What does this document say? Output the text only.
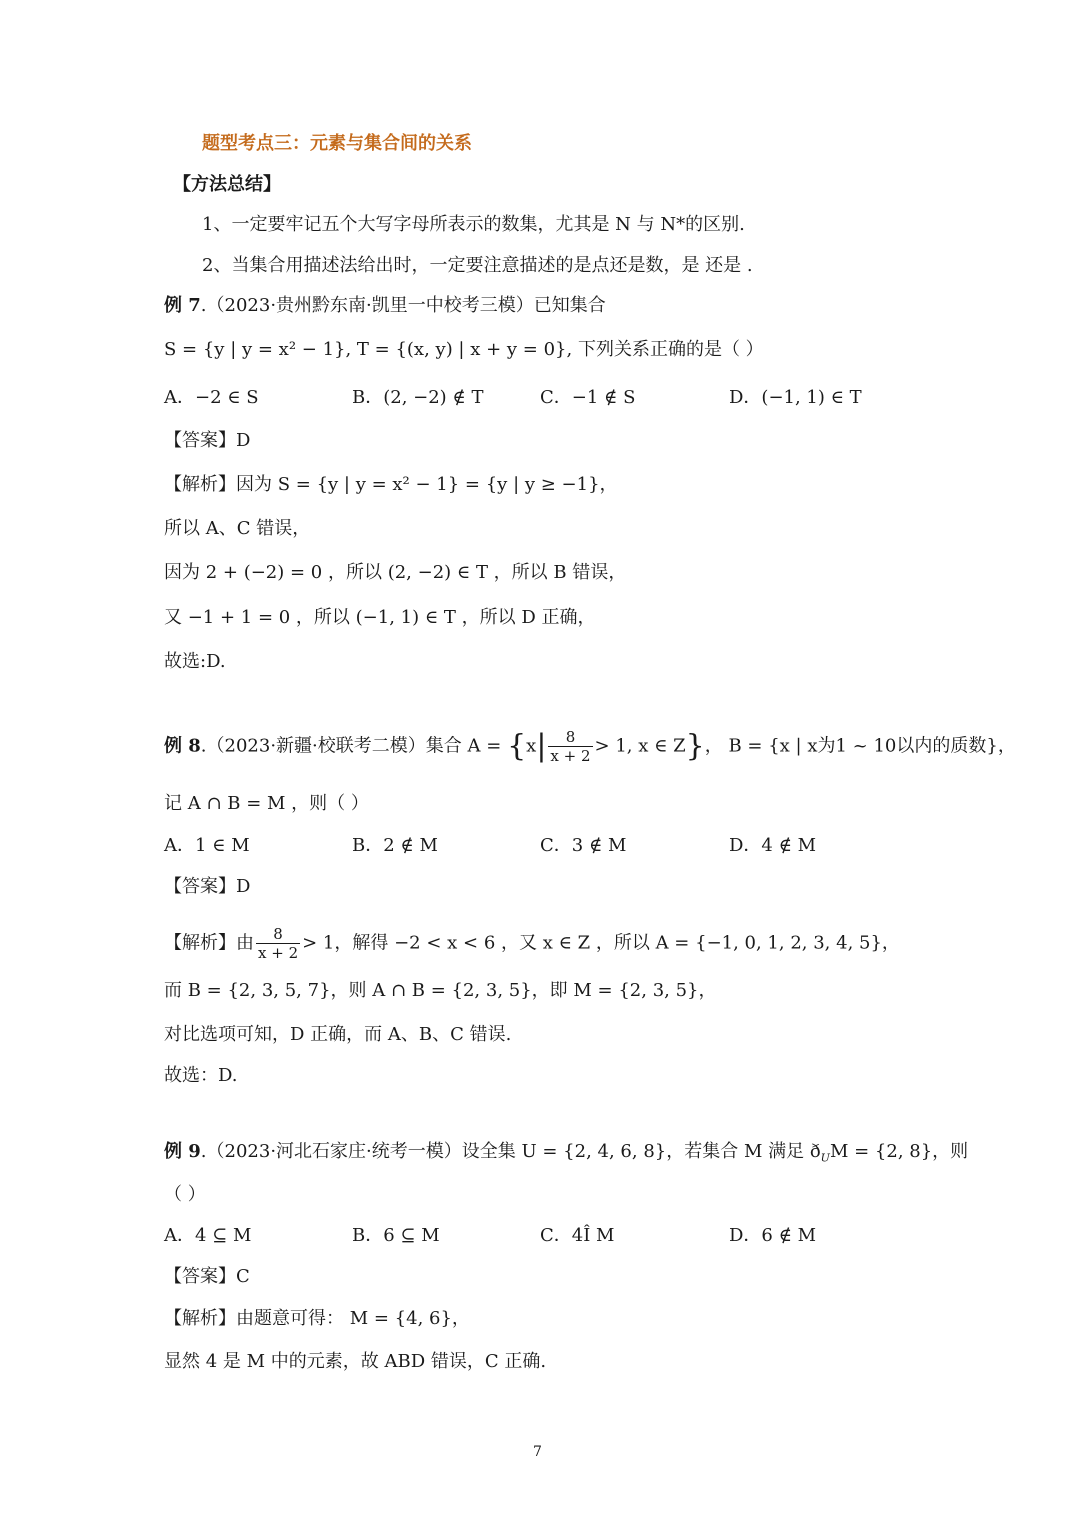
题型考点三：元素与集合间的关系
【方法总结】
1、一定要牢记五个大写字母所表示的数集，尤其是 N 与 N*的区别.
2、当集合用描述法给出时，一定要注意描述的是点还是数，是 还是 .
例 7.（2023·贵州黔东南·凯里一中校考三模）已知集合
S = {y | y = x² − 1}, T = {(x, y) | x + y = 0}, 下列关系正确的是（ ）
A．−2 ∈ S	B．(2, −2) ∉ T	C．−1 ∉ S	D．(−1, 1) ∈ T
【答案】D
【解析】因为 S = {y | y = x² − 1} = {y | y ≥ −1}，
所以 A、C 错误，
因为 2 + (−2) = 0 ，所以 (2, −2) ∈ T ，所以 B 错误，
又 −1 + 1 = 0 ，所以 (−1, 1) ∈ T ，所以 D 正确，
故选:D.
例 8.（2023·新疆·校联考二模）集合 $A = \{x| \frac{8}{x + 2} > 1$, x ∈ Z}， B = {x | x为1 ~ 10以内的质数}，
记 A ∩ B = M ，则（ ）
A．1 ∈ M	B．2 ∉ M	C．3 ∉ M	D．4 ∉ M
【答案】D
【解析】由 $\frac{8}{x + 2} > 1$，解得 −2 < x < 6 ，又 x ∈ Z ，所以 A = {−1, 0, 1, 2, 3, 4, 5}，
而 B = {2, 3, 5, 7}，则 A ∩ B = {2, 3, 5}，即 M = {2, 3, 5}，
对比选项可知，D 正确，而 A、B、C 错误.
故选：D.
例 9.（2023·河北石家庄·统考一模）设全集 U = {2, 4, 6, 8}，若集合 M 满足 $ð_UM = \{2$, 8}，则
（ ）
A．4 ⊆ M	B．6 ⊆ M	C．4Î M	D．6 ∉ M
【答案】C
【解析】由题意可得： M = {4, 6}，
显然 4 是 M 中的元素，故 ABD 错误，C 正确.
7
